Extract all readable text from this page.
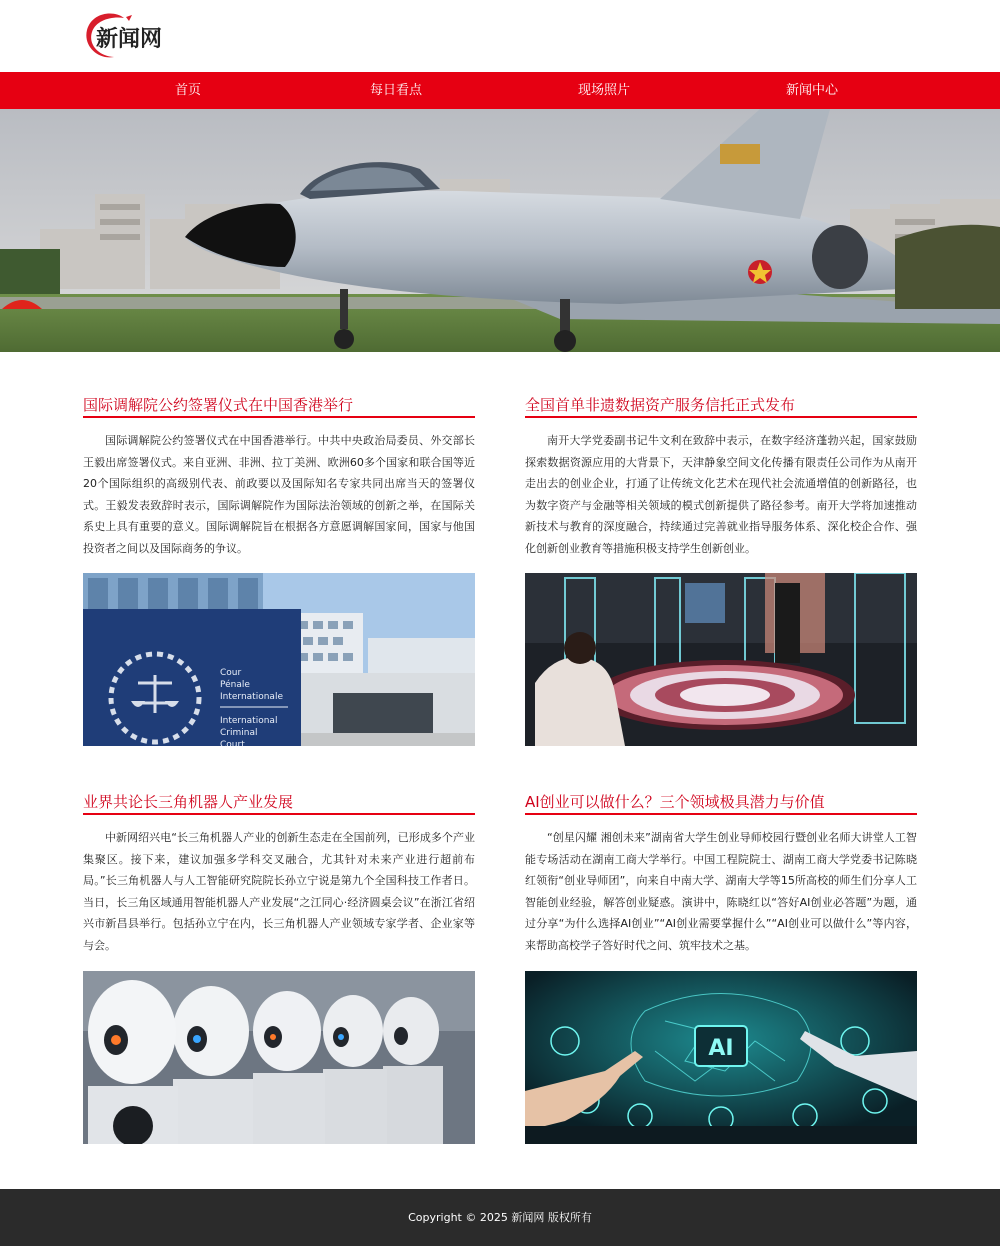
新闻网
首页	每日看点	现场照片	新闻中心
国际调解院公约签署仪式在中国香港举行
国际调解院公约签署仪式在中国香港举行。中共中央政治局委员、外交部长王毅出席签署仪式。来自亚洲、非洲、拉丁美洲、欧洲60多个国家和联合国等近20个国际组织的高级别代表、前政要以及国际知名专家共同出席当天的签署仪式。王毅发表致辞时表示，国际调解院作为国际法治领域的创新之举，在国际关系史上具有重要的意义。国际调解院旨在根据各方意愿调解国家间，国家与他国投资者之间以及国际商务的争议。
Cour
Pénale
Internationale
International
Criminal
Court
全国首单非遗数据资产服务信托正式发布
南开大学党委副书记牛文利在致辞中表示，在数字经济蓬勃兴起，国家鼓励探索数据资源应用的大背景下，天津静象空间文化传播有限责任公司作为从南开走出去的创业企业，打通了让传统文化艺术在现代社会流通增值的创新路径，也为数字资产与金融等相关领域的模式创新提供了路径参考。南开大学将加速推动新技术与教育的深度融合，持续通过完善就业指导服务体系、深化校企合作、强化创新创业教育等措施积极支持学生创新创业。
业界共论长三角机器人产业发展
中新网绍兴电“长三角机器人产业的创新生态走在全国前列，已形成多个产业集聚区。接下来，建议加强多学科交叉融合，尤其针对未来产业进行超前布局。”长三角机器人与人工智能研究院院长孙立宁说是第九个全国科技工作者日。当日，长三角区域通用智能机器人产业发展“之江同心·经济圆桌会议”在浙江省绍兴市新昌县举行。包括孙立宁在内，长三角机器人产业领域专家学者、企业家等与会。
AI创业可以做什么？三个领域极具潜力与价值
“创星闪耀 湘创未来”湖南省大学生创业导师校园行暨创业名师大讲堂人工智能专场活动在湖南工商大学举行。中国工程院院士、湖南工商大学党委书记陈晓红领衔“创业导师团”，向来自中南大学、湖南大学等15所高校的师生们分享人工智能创业经验，解答创业疑惑。演讲中，陈晓红以“答好AI创业必答题”为题，通过分享“为什么选择AI创业”“AI创业需要掌握什么”“AI创业可以做什么”等内容，来帮助高校学子答好时代之问、筑牢技术之基。
AI
Copyright © 2025 新闻网 版权所有
